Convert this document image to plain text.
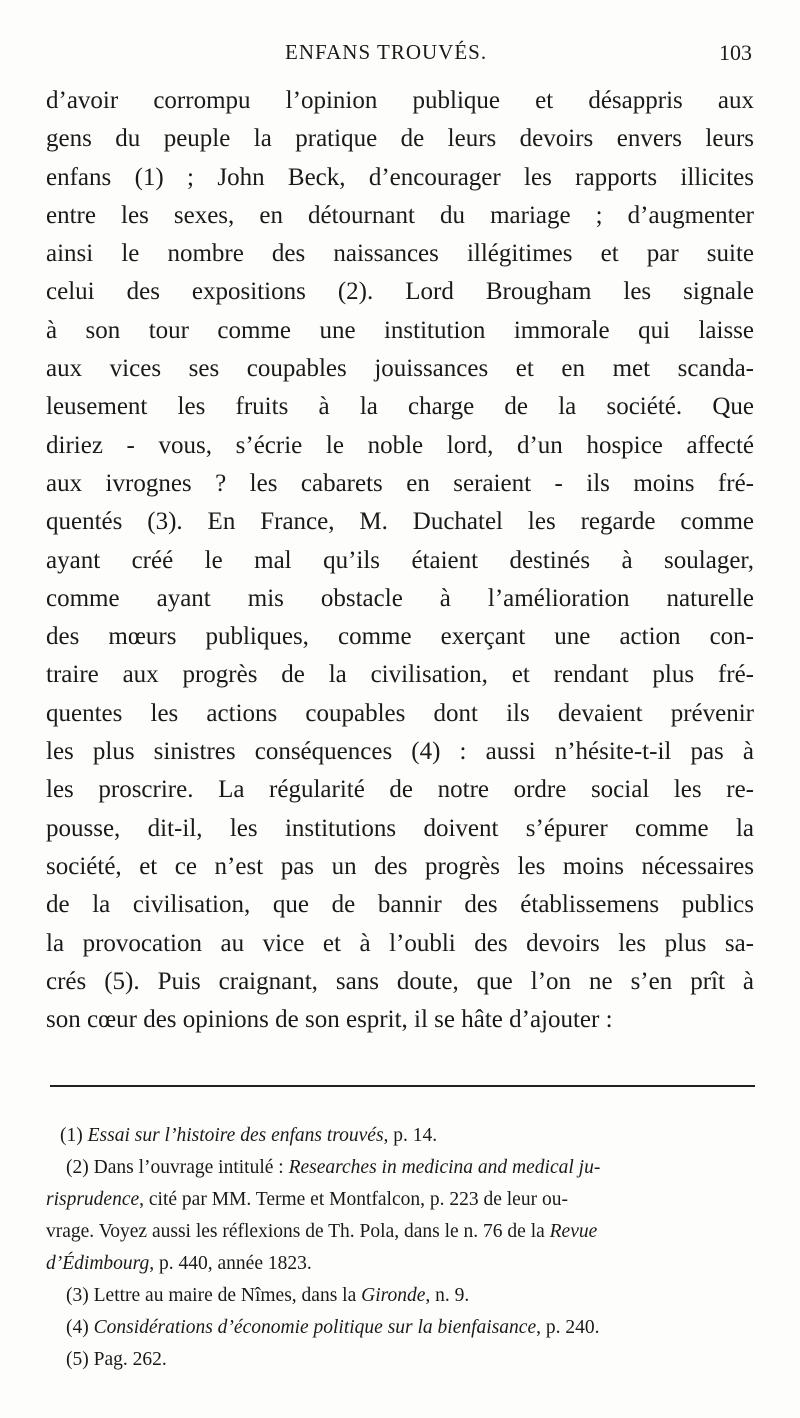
ENFANS TROUVÉS.	103
d’avoir corrompu l’opinion publique et désappris aux
gens du peuple la pratique de leurs devoirs envers leurs
enfans (1) ; John Beck, d’encourager les rapports illicites
entre les sexes, en détournant du mariage ; d’augmenter
ainsi le nombre des naissances illégitimes et par suite
celui des expositions (2). Lord Brougham les signale
à son tour comme une institution immorale qui laisse
aux vices ses coupables jouissances et en met scanda-
leusement les fruits à la charge de la société. Que
diriez - vous, s’écrie le noble lord, d’un hospice affecté
aux ivrognes ? les cabarets en seraient - ils moins fré-
quentés (3). En France, M. Duchatel les regarde comme
ayant créé le mal qu’ils étaient destinés à soulager,
comme ayant mis obstacle à l’amélioration naturelle
des mœurs publiques, comme exerçant une action con-
traire aux progrès de la civilisation, et rendant plus fré-
quentes les actions coupables dont ils devaient prévenir
les plus sinistres conséquences (4) : aussi n’hésite-t-il pas à
les proscrire. La régularité de notre ordre social les re-
pousse, dit-il, les institutions doivent s’épurer comme la
société, et ce n’est pas un des progrès les moins nécessaires
de la civilisation, que de bannir des établissemens publics
la provocation au vice et à l’oubli des devoirs les plus sa-
crés (5). Puis craignant, sans doute, que l’on ne s’en prît à
son cœur des opinions de son esprit, il se hâte d’ajouter :
(1) Essai sur l’histoire des enfans trouvés, p. 14.
(2) Dans l’ouvrage intitulé : Researches in medicina and medical ju-
risprudence, cité par MM. Terme et Montfalcon, p. 223 de leur ou-
vrage. Voyez aussi les réflexions de Th. Pola, dans le n. 76 de la Revue
d’Édimbourg, p. 440, année 1823.
(3) Lettre au maire de Nîmes, dans la Gironde, n. 9.
(4) Considérations d’économie politique sur la bienfaisance, p. 240.
(5) Pag. 262.
